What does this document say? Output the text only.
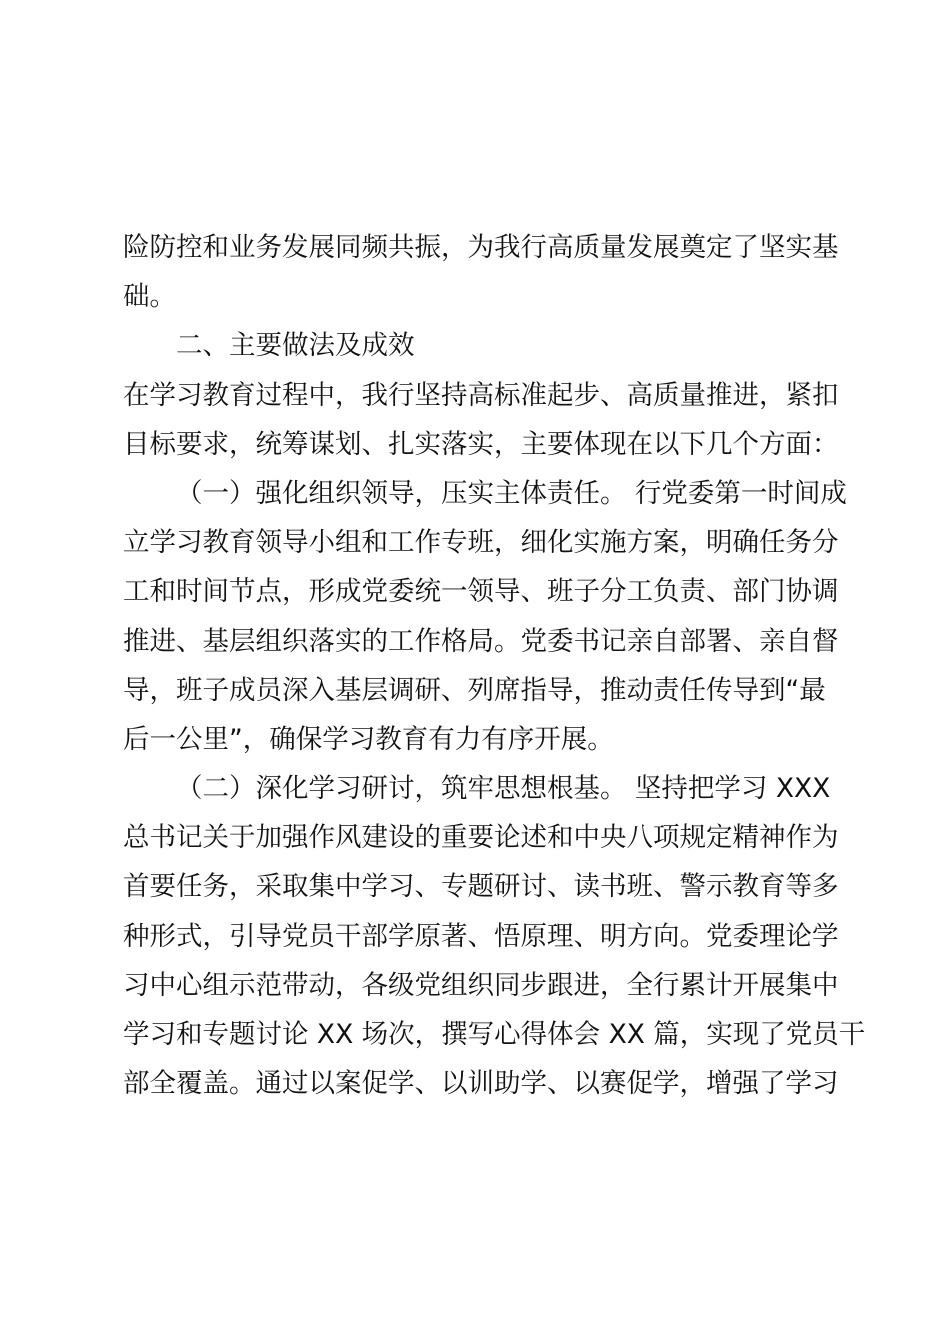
险防控和业务发展同频共振，为我行高质量发展奠定了坚实基
础。
二、主要做法及成效
在学习教育过程中，我行坚持高标准起步、高质量推进，紧扣
目标要求，统筹谋划、扎实落实，主要体现在以下几个方面：
（一）强化组织领导，压实主体责任。 行党委第一时间成
立学习教育领导小组和工作专班，细化实施方案，明确任务分
工和时间节点，形成党委统一领导、班子分工负责、部门协调
推进、基层组织落实的工作格局。党委书记亲自部署、亲自督
导，班子成员深入基层调研、列席指导，推动责任传导到“最
后一公里”，确保学习教育有力有序开展。
（二）深化学习研讨，筑牢思想根基。 坚持把学习 XXX
总书记关于加强作风建设的重要论述和中央八项规定精神作为
首要任务，采取集中学习、专题研讨、读书班、警示教育等多
种形式，引导党员干部学原著、悟原理、明方向。党委理论学
习中心组示范带动，各级党组织同步跟进，全行累计开展集中
学习和专题讨论 XX 场次，撰写心得体会 XX 篇，实现了党员干
部全覆盖。通过以案促学、以训助学、以赛促学，增强了学习
